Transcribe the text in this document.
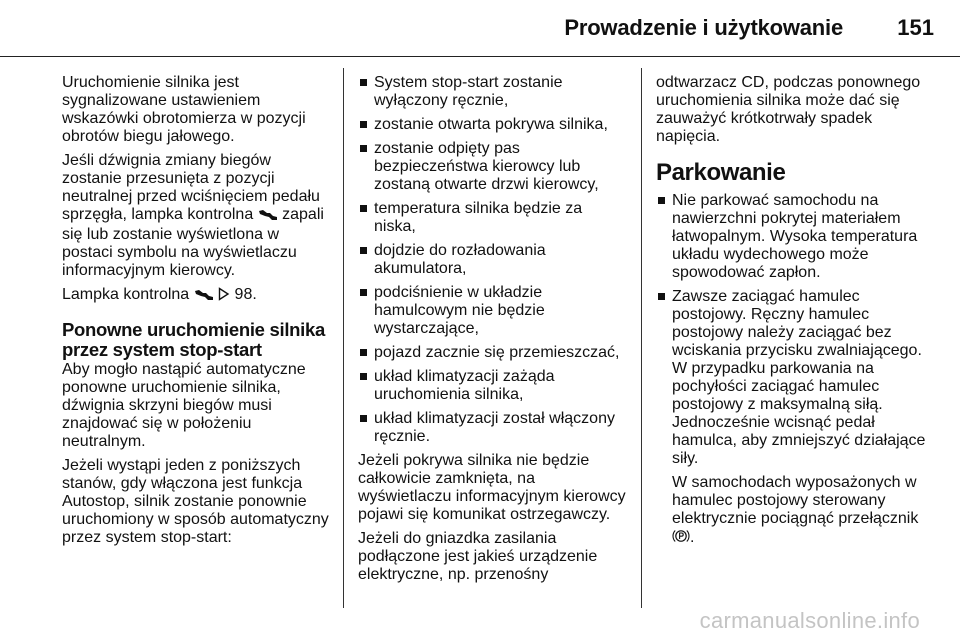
Prowadzenie i użytkowanie 151

Uruchomienie silnika jest sygnalizowane ustawieniem wskazówki obrotomierza w pozycji obrotów biegu jałowego.

Jeśli dźwignia zmiany biegów zostanie przesunięta z pozycji neutralnej przed wciśnięciem pedału sprzęgła, lampka kontrolna zapali się lub zostanie wyświetlona w postaci symbolu na wyświetlaczu informacyjnym kierowcy.

Lampka kontrolna	98.

Ponowne uruchomienie silnika przez system stop-start

Aby mogło nastąpić automatyczne ponowne uruchomienie silnika, dźwignia skrzyni biegów musi znajdować się w położeniu neutralnym.

Jeżeli wystąpi jeden z poniższych stanów, gdy włączona jest funkcja Autostop, silnik zostanie ponownie uruchomiony w sposób automatyczny przez system stop-start:

System stop-start zostanie wyłączony ręcznie,
zostanie otwarta pokrywa silnika,
zostanie odpięty pas bezpieczeństwa kierowcy lub zostaną otwarte drzwi kierowcy,
temperatura silnika będzie za niska,
dojdzie do rozładowania akumulatora,
podciśnienie w układzie hamulcowym nie będzie wystarczające,
pojazd zacznie się przemieszczać,
układ klimatyzacji zażąda uruchomienia silnika,
układ klimatyzacji został włączony ręcznie.

Jeżeli pokrywa silnika nie będzie całkowicie zamknięta, na wyświetlaczu informacyjnym kierowcy pojawi się komunikat ostrzegawczy.

Jeżeli do gniazdka zasilania podłączone jest jakieś urządzenie elektryczne, np. przenośny

odtwarzacz CD, podczas ponownego uruchomienia silnika może dać się zauważyć krótkotrwały spadek napięcia.

Parkowanie
Nie parkować samochodu na nawierzchni pokrytej materiałem łatwopalnym. Wysoka temperatura układu wydechowego może spowodować zapłon.
Zawsze zaciągać hamulec postojowy. Ręczny hamulec postojowy należy zaciągać bez wciskania przycisku zwalniającego. W przypadku parkowania na pochyłości zaciągać hamulec postojowy z maksymalną siłą. Jednocześnie wcisnąć pedał hamulca, aby zmniejszyć działające siły.
W samochodach wyposażonych w hamulec postojowy sterowany elektrycznie pociągnąć przełącznik .
carmanualsonline.info
